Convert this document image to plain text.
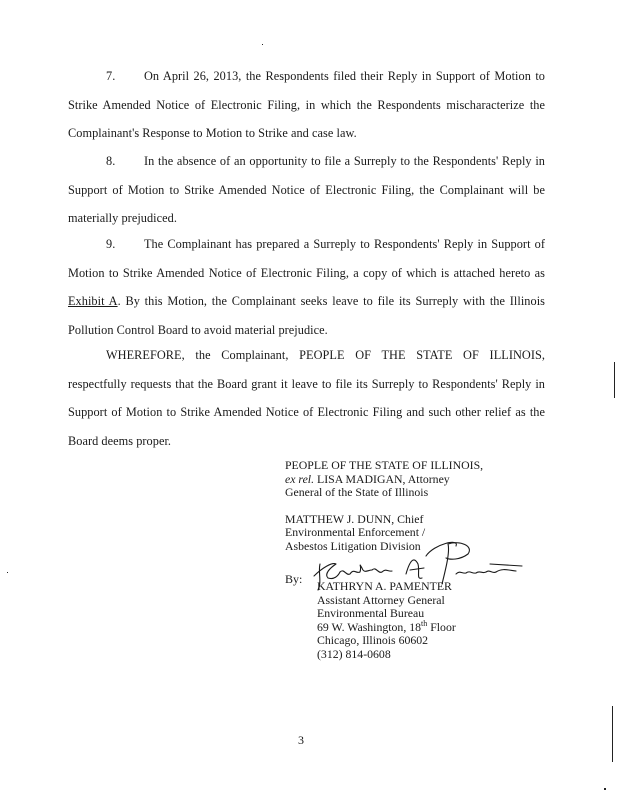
7. On April 26, 2013, the Respondents filed their Reply in Support of Motion to Strike Amended Notice of Electronic Filing, in which the Respondents mischaracterize the Complainant's Response to Motion to Strike and case law.
8. In the absence of an opportunity to file a Surreply to the Respondents' Reply in Support of Motion to Strike Amended Notice of Electronic Filing, the Complainant will be materially prejudiced.
9. The Complainant has prepared a Surreply to Respondents' Reply in Support of Motion to Strike Amended Notice of Electronic Filing, a copy of which is attached hereto as Exhibit A. By this Motion, the Complainant seeks leave to file its Surreply with the Illinois Pollution Control Board to avoid material prejudice.
WHEREFORE, the Complainant, PEOPLE OF THE STATE OF ILLINOIS, respectfully requests that the Board grant it leave to file its Surreply to Respondents' Reply in Support of Motion to Strike Amended Notice of Electronic Filing and such other relief as the Board deems proper.
PEOPLE OF THE STATE OF ILLINOIS,
ex rel. LISA MADIGAN, Attorney
General of the State of Illinois
MATTHEW J. DUNN, Chief
Environmental Enforcement /
Asbestos Litigation Division
By: KATHRYN A. PAMENTER
Assistant Attorney General
Environmental Bureau
69 W. Washington, 18th Floor
Chicago, Illinois 60602
(312) 814-0608
3
